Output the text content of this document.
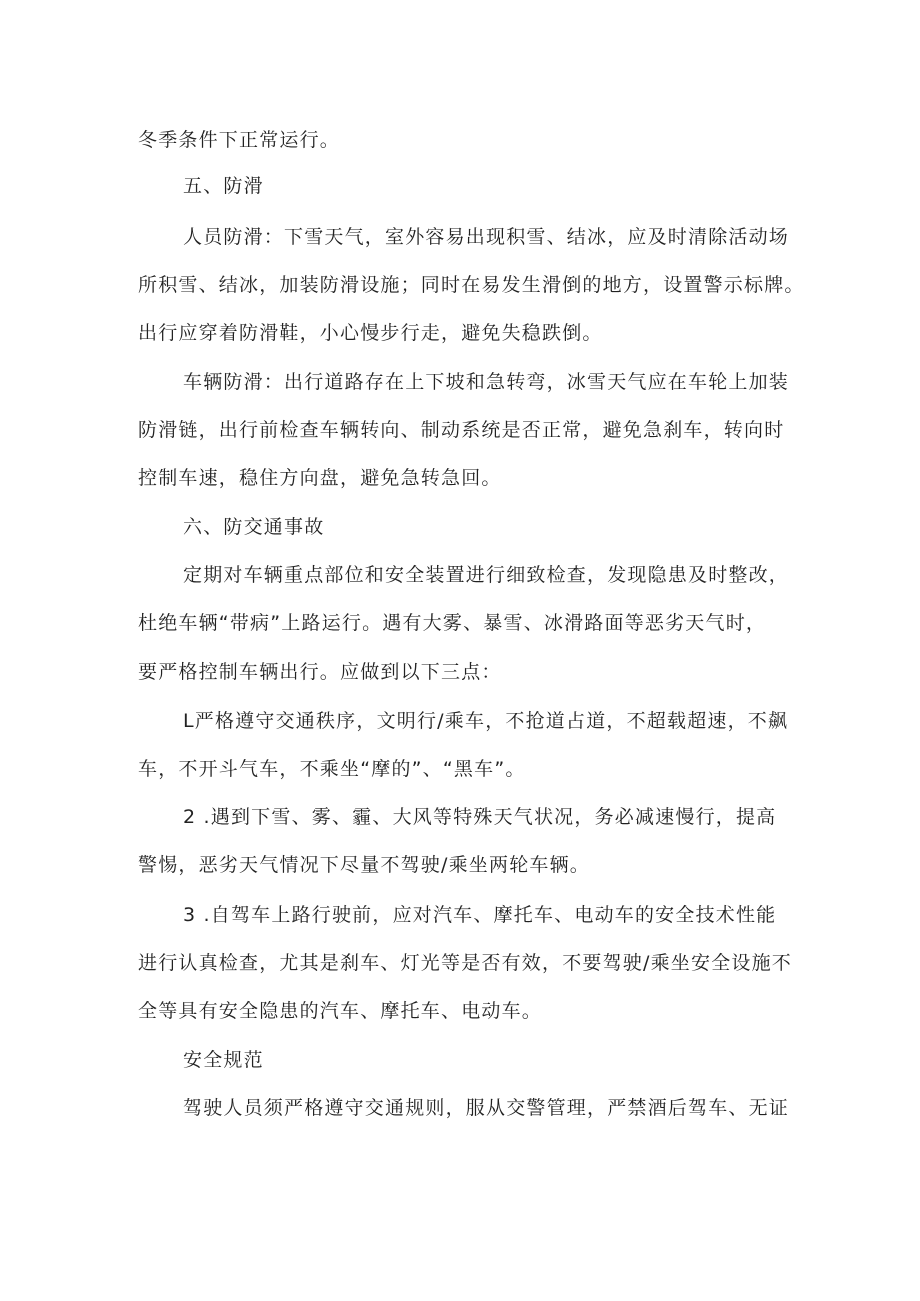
冬季条件下正常运行。
五、防滑
人员防滑：下雪天气，室外容易出现积雪、结冰，应及时清除活动场
所积雪、结冰，加装防滑设施；同时在易发生滑倒的地方，设置警示标牌。
出行应穿着防滑鞋，小心慢步行走，避免失稳跌倒。
车辆防滑：出行道路存在上下坡和急转弯，冰雪天气应在车轮上加装
防滑链，出行前检查车辆转向、制动系统是否正常，避免急刹车，转向时
控制车速，稳住方向盘，避免急转急回。
六、防交通事故
定期对车辆重点部位和安全装置进行细致检查，发现隐患及时整改，
杜绝车辆“带病”上路运行。遇有大雾、暴雪、冰滑路面等恶劣天气时，
要严格控制车辆出行。应做到以下三点：
L严格遵守交通秩序，文明行/乘车，不抢道占道，不超载超速，不飙
车，不开斗气车，不乘坐“摩的”、“黑车”。
2 .遇到下雪、雾、霾、大风等特殊天气状况，务必减速慢行，提高
警惕，恶劣天气情况下尽量不驾驶/乘坐两轮车辆。
3 .自驾车上路行驶前，应对汽车、摩托车、电动车的安全技术性能
进行认真检查，尤其是刹车、灯光等是否有效，不要驾驶/乘坐安全设施不
全等具有安全隐患的汽车、摩托车、电动车。
安全规范
驾驶人员须严格遵守交通规则，服从交警管理，严禁酒后驾车、无证
